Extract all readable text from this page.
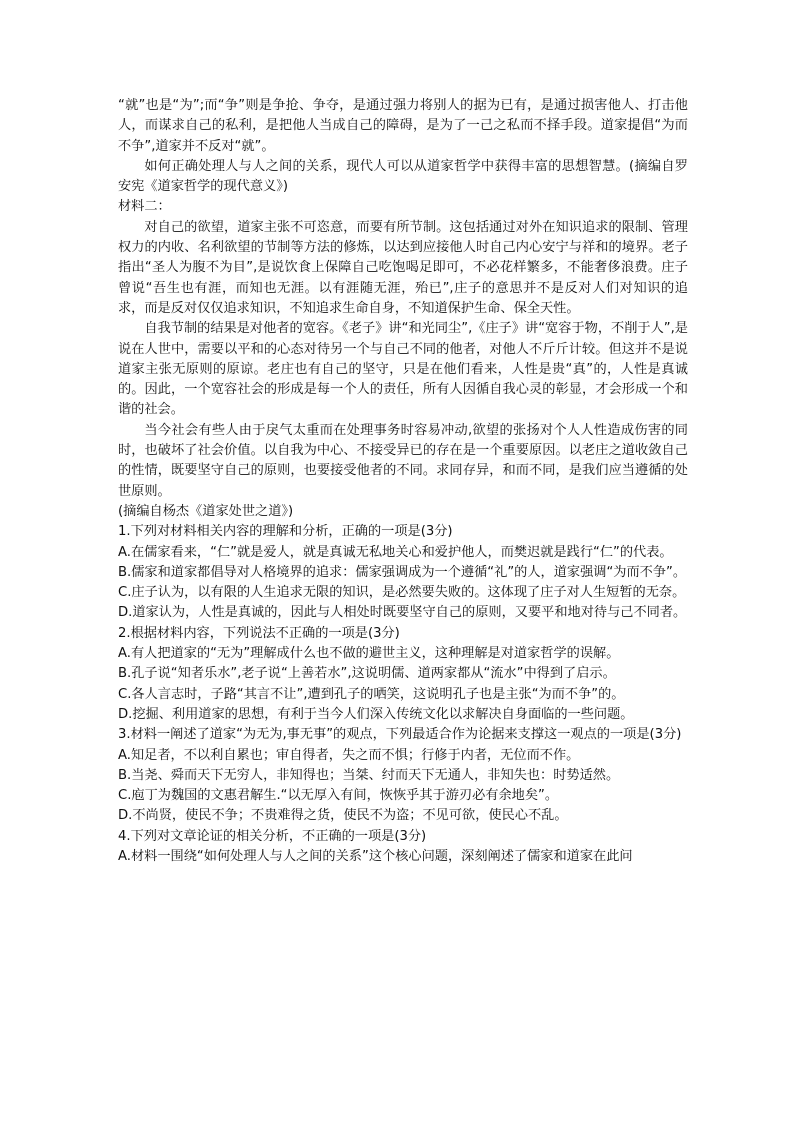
“就”也是“为”;而“争”则是争抢、争夺，是通过强力将别人的据为已有，是通过损害他人、打击他人，而谋求自己的私利，是把他人当成自己的障碍，是为了一己之私而不择手段。道家提倡“为而不争”,道家并不反对“就”。

如何正确处理人与人之间的关系，现代人可以从道家哲学中获得丰富的思想智慧。(摘编自罗安宪《道家哲学的现代意义》)

材料二：

对自己的欲望，道家主张不可恣意，而要有所节制。这包括通过对外在知识追求的限制、管理权力的内收、名利欲望的节制等方法的修炼，以达到应接他人时自己内心安宁与祥和的境界。老子指出“圣人为腹不为目”,是说饮食上保障自己吃饱喝足即可，不必花样繁多，不能奢侈浪费。庄子曾说“吾生也有涯，而知也无涯。以有涯随无涯，殆已”,庄子的意思并不是反对人们对知识的追求，而是反对仅仅追求知识，不知追求生命自身，不知道保护生命、保全天性。

自我节制的结果是对他者的宽容。《老子》讲“和光同尘”,《庄子》讲“宽容于物，不削于人”,是说在人世中，需要以平和的心态对待另一个与自己不同的他者，对他人不斤斤计较。但这并不是说道家主张无原则的原谅。老庄也有自己的坚守，只是在他们看来，人性是贵“真”的，人性是真诚的。因此，一个宽容社会的形成是每一个人的责任，所有人因循自我心灵的彰显，才会形成一个和谐的社会。

当今社会有些人由于戾气太重而在处理事务时容易冲动,欲望的张扬对个人人性造成伤害的同时，也破坏了社会价值。以自我为中心、不接受异已的存在是一个重要原因。以老庄之道收敛自己的性情，既要坚守自己的原则，也要接受他者的不同。求同存异，和而不同，是我们应当遵循的处世原则。

(摘编自杨杰《道家处世之道》)

1.下列对材料相关内容的理解和分析，正确的一项是(3分)

A.在儒家看来，“仁”就是爱人，就是真诚无私地关心和爱护他人，而樊迟就是践行“仁”的代表。

B.儒家和道家都倡导对人格境界的追求：儒家强调成为一个遵循“礼”的人，道家强调“为而不争”。

C.庄子认为，以有限的人生追求无限的知识，是必然要失败的。这体现了庄子对人生短暂的无奈。

D.道家认为，人性是真诚的，因此与人相处时既要坚守自己的原则，又要平和地对待与己不同者。

2.根据材料内容，下列说法不正确的一项是(3分)

A.有人把道家的“无为”理解成什么也不做的避世主义，这种理解是对道家哲学的误解。

B.孔子说“知者乐水”,老子说“上善若水”,这说明儒、道两家都从“流水”中得到了启示。

C.各人言志时，子路“其言不让”,遭到孔子的哂笑，这说明孔子也是主张“为而不争”的。

D.挖掘、利用道家的思想，有利于当今人们深入传统文化以求解决自身面临的一些问题。

3.材料一阐述了道家“为无为,事无事”的观点，下列最适合作为论据来支撑这一观点的一项是(3分)

A.知足者，不以利自累也；审自得者，失之而不惧；行修于内者，无位而不作。

B.当尧、舜而天下无穷人，非知得也；当桀、纣而天下无通人，非知失也：时势适然。

C.庖丁为魏国的文惠君解生.“以无厚入有间，恢恢乎其于游刃必有余地矣”。

D.不尚贤，使民不争；不贵难得之货，使民不为盗；不见可欲，使民心不乱。

4.下列对文章论证的相关分析，不正确的一项是(3分)

A.材料一围绕“如何处理人与人之间的关系”这个核心问题，深刻阐述了儒家和道家在此问
